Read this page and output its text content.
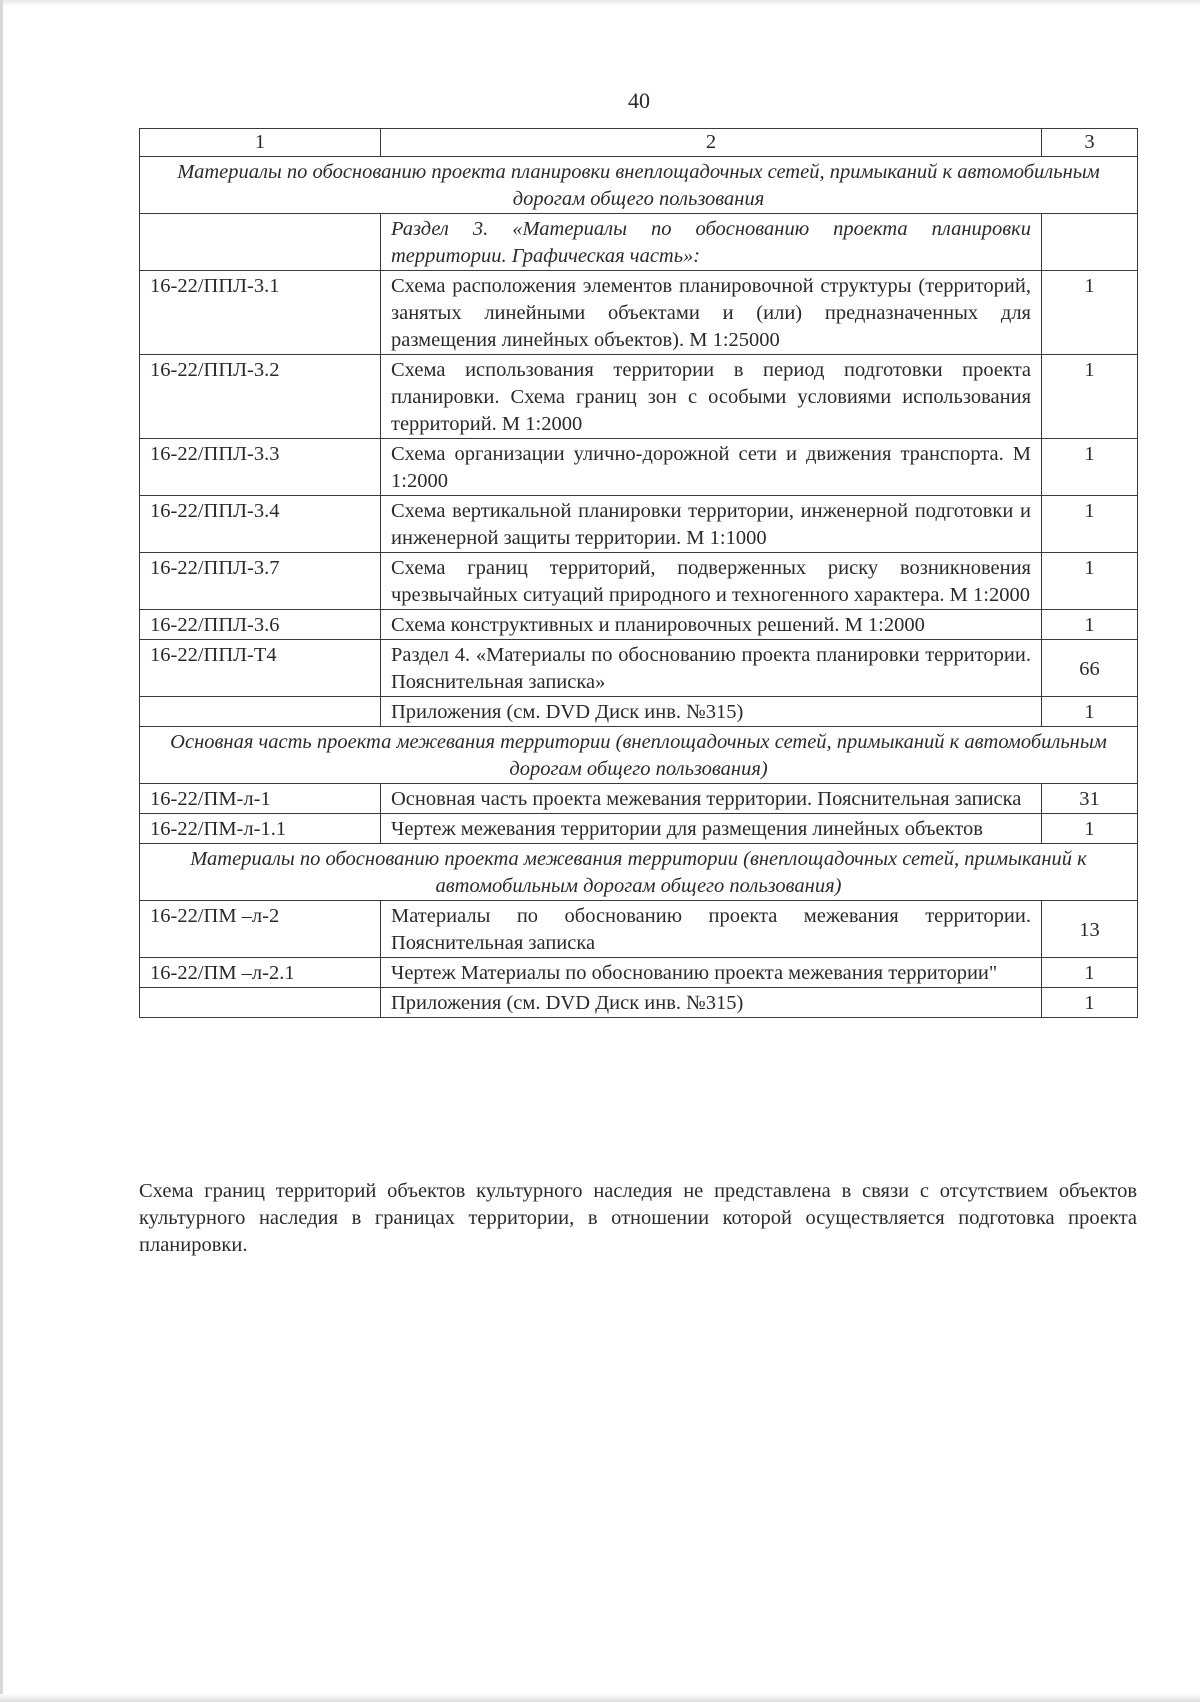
40
1	2	3
Материалы по обоснованию проекта планировки внеплощадочных сетей, примыканий к автомобильным дорогам общего пользования		
	Раздел 3. «Материалы по обоснованию проекта планировки территории. Графическая часть»:	
16-22/ППЛ-3.1	Схема расположения элементов планировочной структуры (территорий, занятых линейными объектами и (или) предназначенных для размещения линейных объектов). М 1:25000	1
16-22/ППЛ-3.2	Схема использования территории в период подготовки проекта планировки. Схема границ зон с особыми условиями использования территорий. М 1:2000	1
16-22/ППЛ-3.3	Схема организации улично-дорожной сети и движения транспорта. М 1:2000	1
16-22/ППЛ-3.4	Схема вертикальной планировки территории, инженерной подготовки и инженерной защиты территории. М 1:1000	1
16-22/ППЛ-3.7	Схема границ территорий, подверженных риску возникновения чрезвычайных ситуаций природного и техногенного характера. М 1:2000	1
16-22/ППЛ-3.6	Схема конструктивных и планировочных решений. М 1:2000	1
16-22/ППЛ-Т4	Раздел 4. «Материалы по обоснованию проекта планировки территории. Пояснительная записка»	66
	Приложения (см. DVD Диск инв. №315)	1
Основная часть проекта межевания территории (внеплощадочных сетей, примыканий к автомобильным дорогам общего пользования)		
16-22/ПМ-л-1	Основная часть проекта межевания территории. Пояснительная записка	31
16-22/ПМ-л-1.1	Чертеж межевания территории для размещения линейных объектов	1
Материалы по обоснованию проекта межевания территории (внеплощадочных сетей, примыканий к автомобильным дорогам общего пользования)		
16-22/ПМ –л-2	Материалы по обоснованию проекта межевания территории. Пояснительная записка	13
16-22/ПМ –л-2.1	Чертеж Материалы по обоснованию проекта межевания территории"	1
	Приложения (см. DVD Диск инв. №315)	1
Схема границ территорий объектов культурного наследия не представлена в связи с отсутствием объектов культурного наследия в границах территории, в отношении которой осуществляется подготовка проекта планировки.
